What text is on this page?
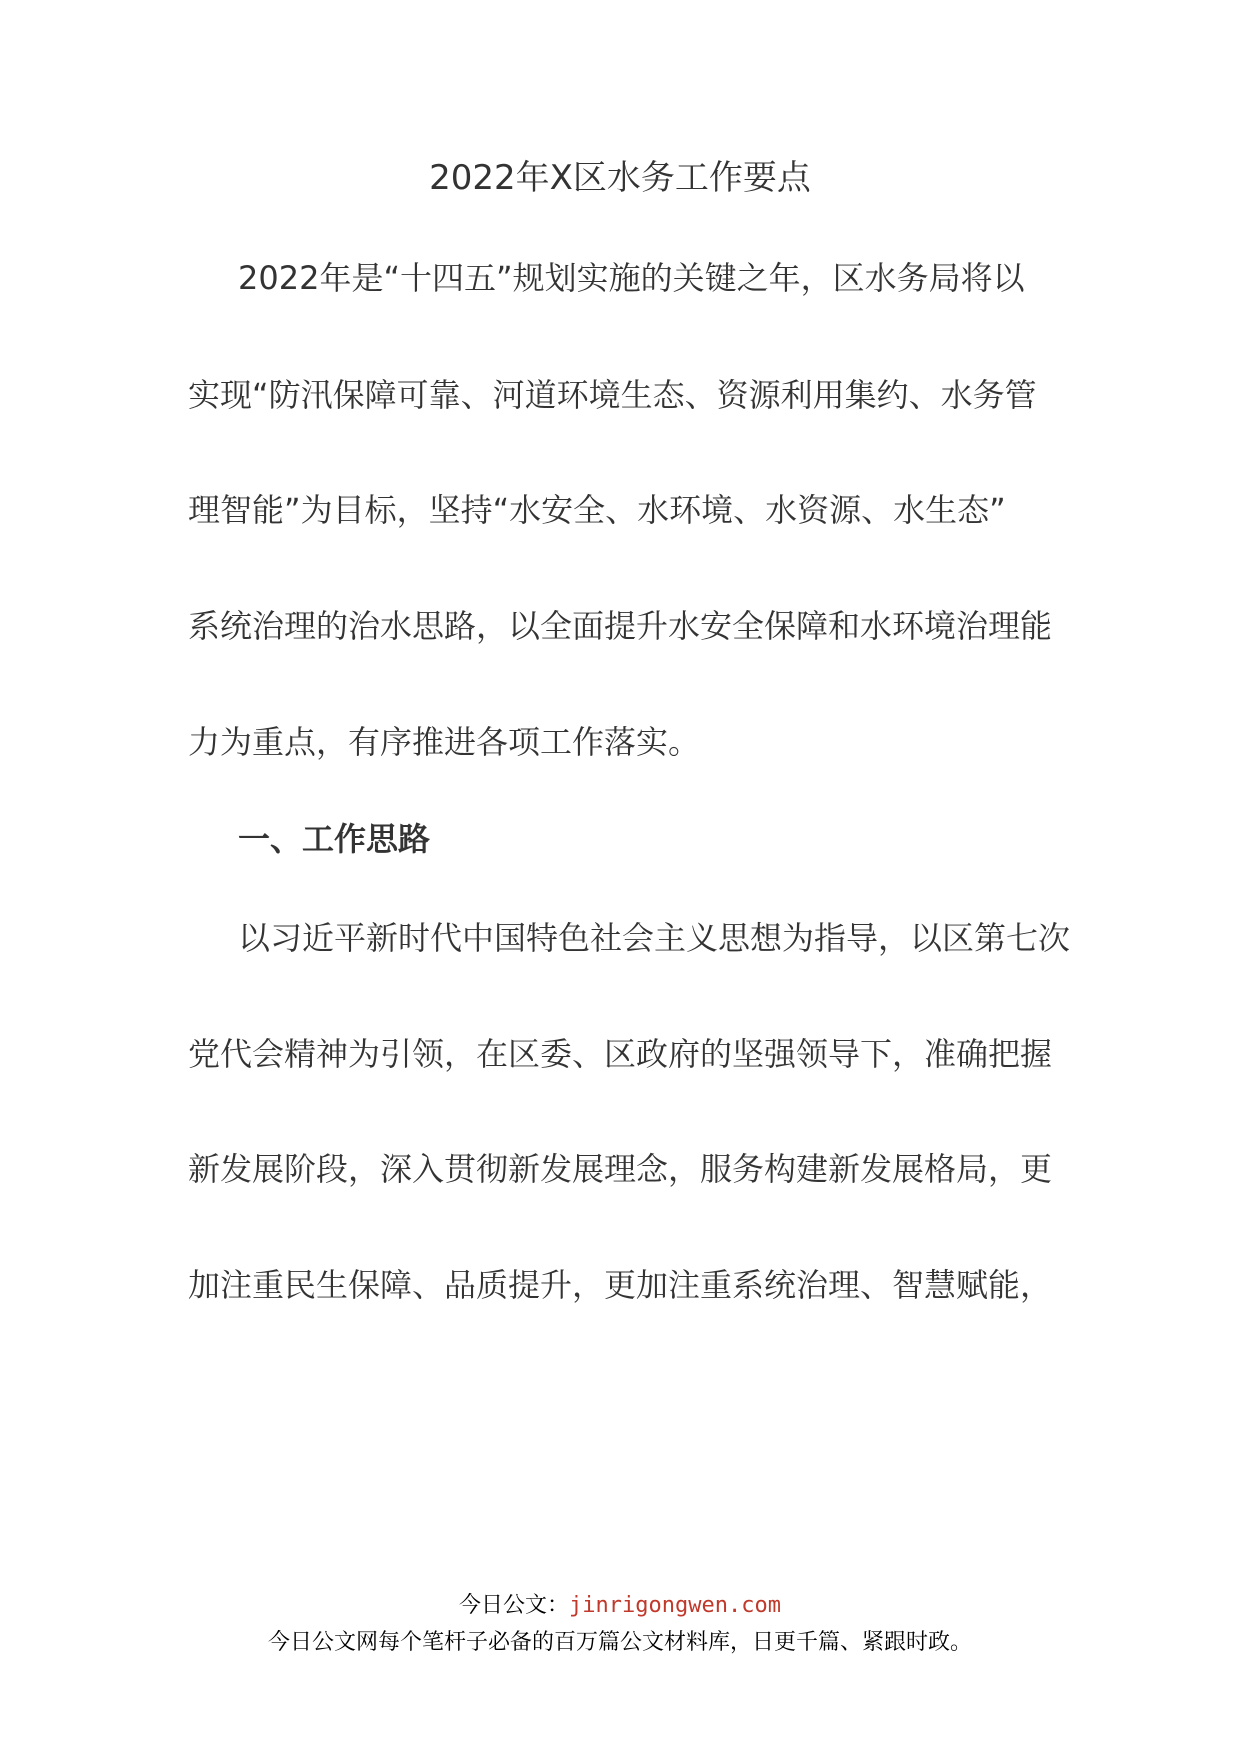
2022年X区水务工作要点

2022年是“十四五”规划实施的关键之年，区水务局将以

实现“防汛保障可靠、河道环境生态、资源利用集约、水务管

理智能”为目标，坚持“水安全、水环境、水资源、水生态”

系统治理的治水思路，以全面提升水安全保障和水环境治理能

力为重点，有序推进各项工作落实。

一、工作思路

以习近平新时代中国特色社会主义思想为指导，以区第七次

党代会精神为引领，在区委、区政府的坚强领导下，准确把握

新发展阶段，深入贯彻新发展理念，服务构建新发展格局，更

加注重民生保障、品质提升，更加注重系统治理、智慧赋能，

今日公文：jinrigongwen.com
今日公文网每个笔杆子必备的百万篇公文材料库，日更千篇、紧跟时政。
